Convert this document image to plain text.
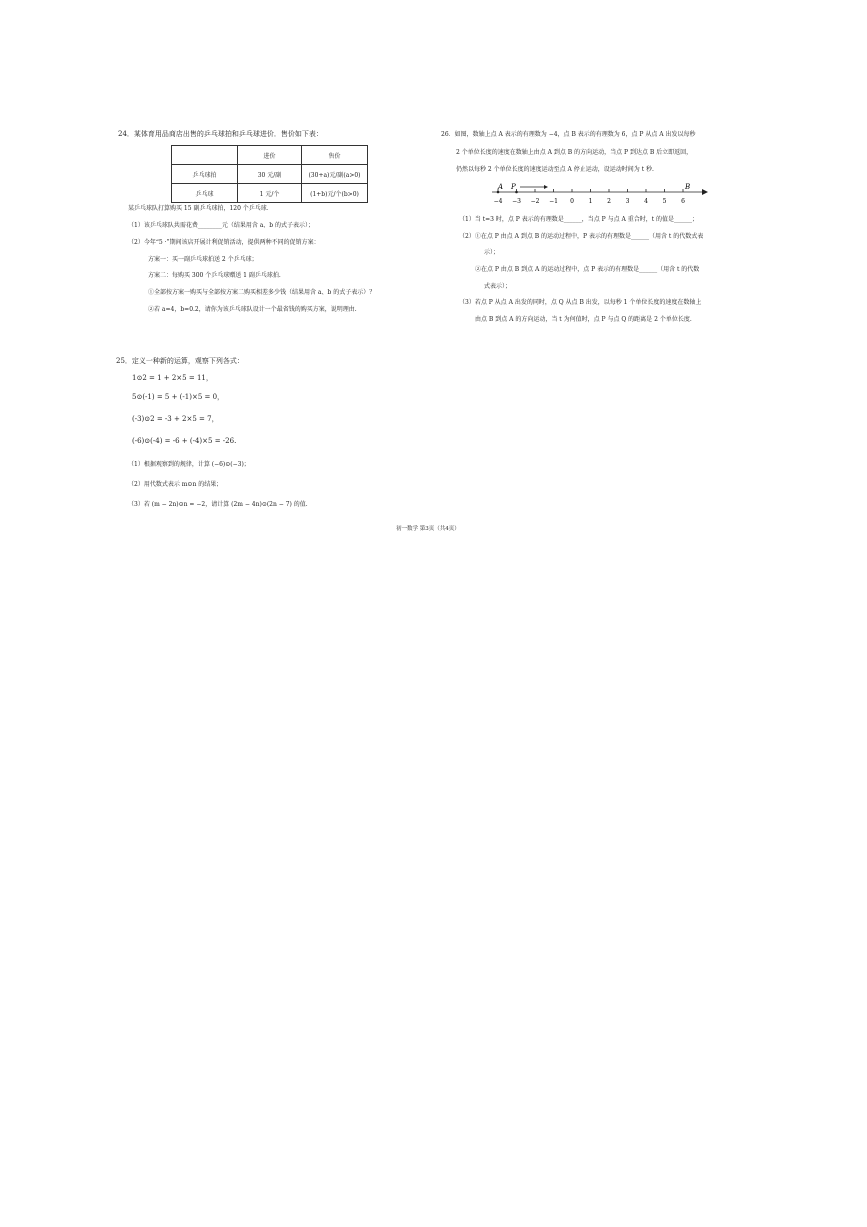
24．某体育用品商店出售的乒乓球拍和乒乓球进价．售价如下表：
	进价	售价
乒乓球拍	30 元/副	(30+a)元/副(a>0)
乒乓球	1 元/个	(1+b)元/个(b>0)
某乒乓球队打算购买 15 副乒乓球拍，120 个乒乓球．
（1）该乒乓球队共需花费________元（结果用含 a、b 的式子表示）；
（2）今年“5 ·”期间该店开展计利促销活动，提供两种不同的促销方案：
方案一：买一副乒乓球拍送 2 个乒乓球；
方案二：每购买 300 个乒乓球赠送 1 副乒乓球拍.
①全部按方案一购买与全部按方案二购买相差多少钱（结果用含 a、b 的式子表示）？
②若 a=4，b=0.2，请你为该乒乓球队设计一个最省钱的购买方案，说明理由.
25．定义一种新的运算，观察下列各式：
1⊙2 = 1 + 2×5 = 11，
5⊙(-1) = 5 + (-1)×5 = 0，
(-3)⊙2 = -3 + 2×5 = 7，
(-6)⊙(-4) = -6 + (-4)×5 = -26.
（1）根据观察到的规律，计算 (−6)⊙(−3)；
（2）用代数式表示 m⊙n 的结果；
（3）若 (m − 2n)⊙n = −2，请计算 (2m − 4n)⊙(2n − 7) 的值.
26．如图，数轴上点 A 表示的有理数为 −4，点 B 表示的有理数为 6，点 P 从点 A 出发以每秒
2 个单位长度的速度在数轴上由点 A 到点 B 的方向运动，当点 P 到达点 B 后立即返回，
仍然以每秒 2 个单位长度的速度运动至点 A 停止运动，设运动时间为 t 秒.
−4 −3 −2 −1 0 1 2 3 4 5 6
A P	B
（1）当 t=3 时，点 P 表示的有理数是______，当点 P 与点 A 重合时，t 的值是______；
（2）①在点 P 由点 A 到点 B 的运动过程中，P 表示的有理数是______（用含 t 的代数式表
示）；
②在点 P 由点 B 到点 A 的运动过程中，点 P 表示的有理数是______（用含 t 的代数
式表示）；
（3）若点 P 从点 A 出发的同时，点 Q 从点 B 出发，以每秒 1 个单位长度的速度在数轴上
由点 B 到点 A 的方向运动，当 t 为何值时，点 P 与点 Q 的距离是 2 个单位长度.
初一数学 第3页（共4页）
